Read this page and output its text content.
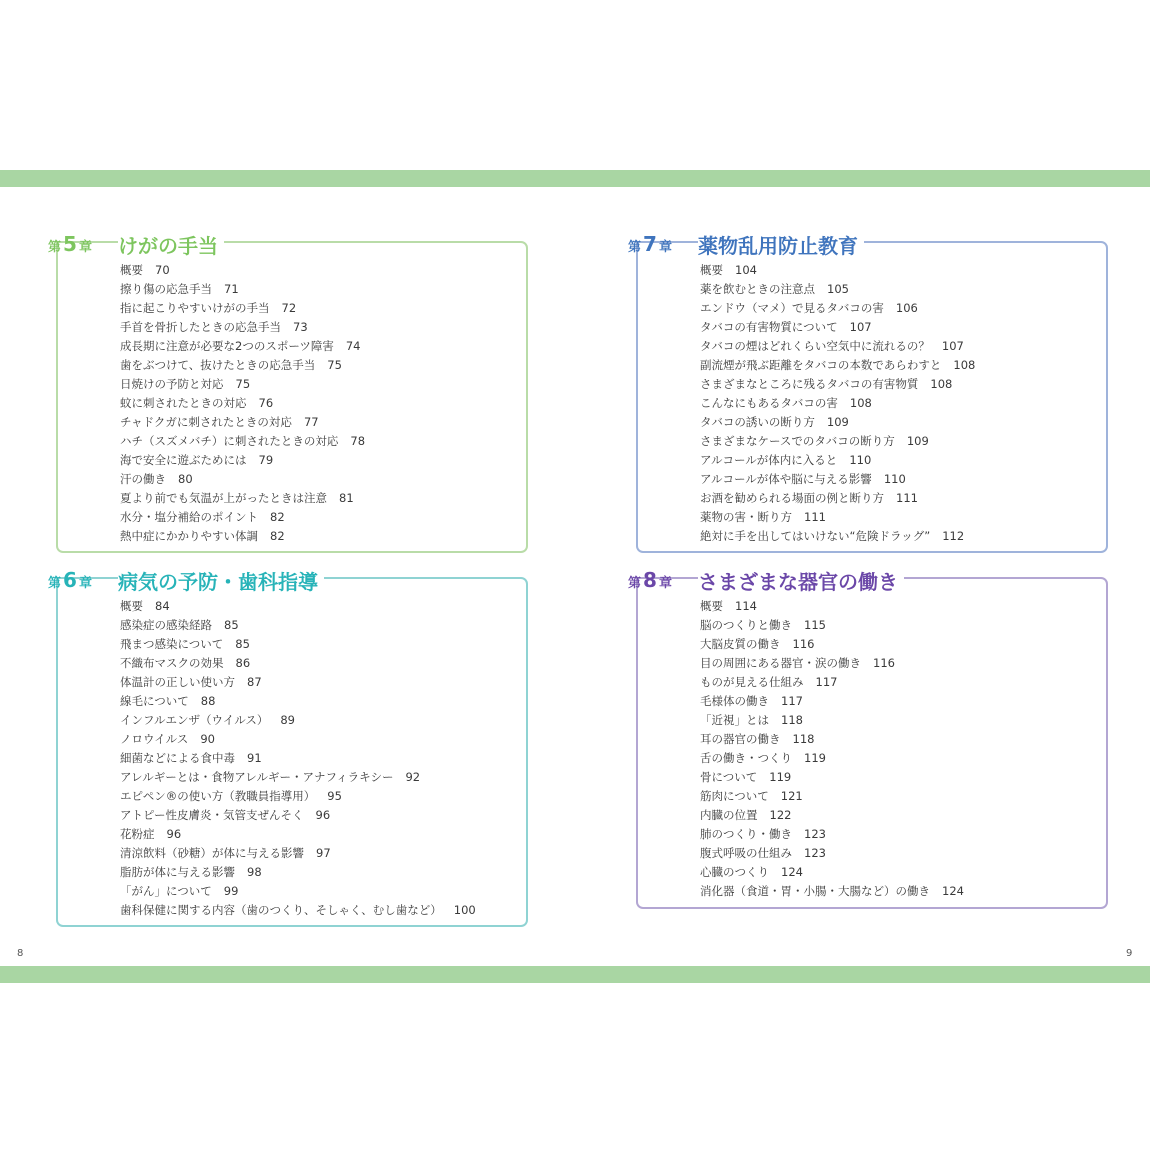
第 5 章 けがの手当
概要 70
擦り傷の応急手当 71
指に起こりやすいけがの手当 72
手首を骨折したときの応急手当 73
成長期に注意が必要な2つのスポーツ障害 74
歯をぶつけて、抜けたときの応急手当 75
日焼けの予防と対応 75
蚊に刺されたときの対応 76
チャドクガに刺されたときの対応 77
ハチ（スズメバチ）に刺されたときの対応 78
海で安全に遊ぶためには 79
汗の働き 80
夏より前でも気温が上がったときは注意 81
水分・塩分補給のポイント 82
熱中症にかかりやすい体調 82
第 6 章 病気の予防・歯科指導
概要 84
感染症の感染経路 85
飛まつ感染について 85
不織布マスクの効果 86
体温計の正しい使い方 87
線毛について 88
インフルエンザ（ウイルス） 89
ノロウイルス 90
細菌などによる食中毒 91
アレルギーとは・食物アレルギー・アナフィラキシー 92
エピペン®の使い方（教職員指導用） 95
アトピー性皮膚炎・気管支ぜんそく 96
花粉症 96
清涼飲料（砂糖）が体に与える影響 97
脂肪が体に与える影響 98
「がん」について 99
歯科保健に関する内容（歯のつくり、そしゃく、むし歯など） 100
第 7 章 薬物乱用防止教育
概要 104
薬を飲むときの注意点 105
エンドウ（マメ）で見るタバコの害 106
タバコの有害物質について 107
タバコの煙はどれくらい空気中に流れるの？ 107
副流煙が飛ぶ距離をタバコの本数であらわすと 108
さまざまなところに残るタバコの有害物質 108
こんなにもあるタバコの害 108
タバコの誘いの断り方 109
さまざまなケースでのタバコの断り方 109
アルコールが体内に入ると 110
アルコールが体や脳に与える影響 110
お酒を勧められる場面の例と断り方 111
薬物の害・断り方 111
絶対に手を出してはいけない“危険ドラッグ” 112
第 8 章 さまざまな器官の働き
概要 114
脳のつくりと働き 115
大脳皮質の働き 116
目の周囲にある器官・涙の働き 116
ものが見える仕組み 117
毛様体の働き 117
「近視」とは 118
耳の器官の働き 118
舌の働き・つくり 119
骨について 119
筋肉について 121
内臓の位置 122
肺のつくり・働き 123
腹式呼吸の仕組み 123
心臓のつくり 124
消化器（食道・胃・小腸・大腸など）の働き 124
8	9
